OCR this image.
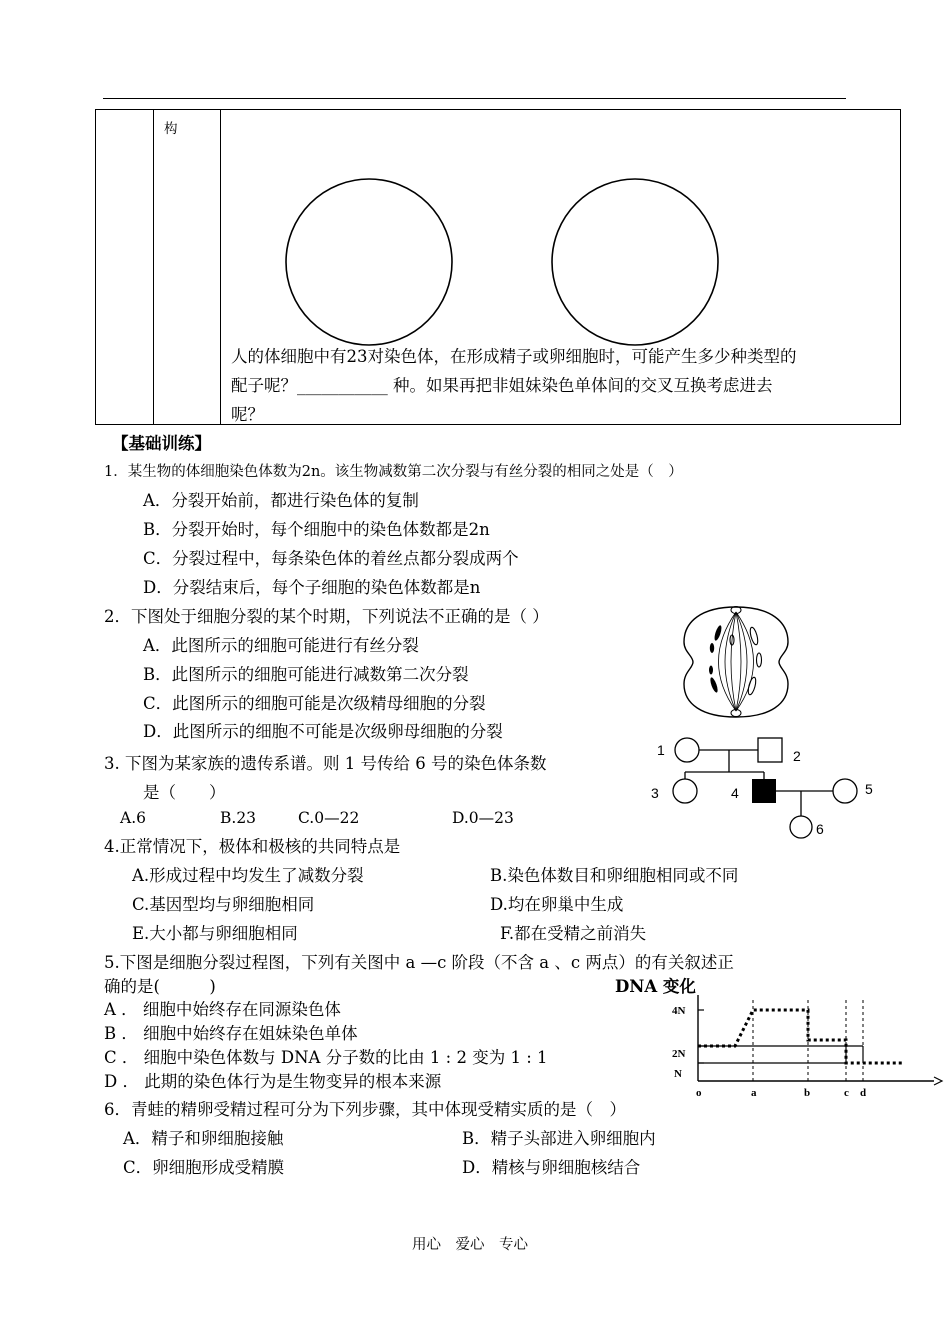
构
人的体细胞中有23对染色体，在形成精子或卵细胞时，可能产生多少种类型的
配子呢？___________ 种。如果再把非姐妹染色单体间的交叉互换考虑进去
呢？
【基础训练】
1．某生物的体细胞染色体数为2n。该生物减数第二次分裂与有丝分裂的相同之处是（　）
A．分裂开始前，都进行染色体的复制
B．分裂开始时，每个细胞中的染色体数都是2n
C．分裂过程中，每条染色体的着丝点都分裂成两个
D．分裂结束后，每个子细胞的染色体数都是n
2．下图处于细胞分裂的某个时期，下列说法不正确的是（ ）
A．此图所示的细胞可能进行有丝分裂
B．此图所示的细胞可能进行减数第二次分裂
C．此图所示的细胞可能是次级精母细胞的分裂
D．此图所示的细胞不可能是次级卵母细胞的分裂
3. 下图为某家族的遗传系谱。则 1 号传给 6 号的染色体条数
是（　　）
A.6	B.23	C.0—22	D.0—23
1	2
3	4	5
6
4.正常情况下，极体和极核的共同特点是
A.形成过程中均发生了减数分裂	B.染色体数目和卵细胞相同或不同
C.基因型均与卵细胞相同	D.均在卵巢中生成
E.大小都与卵细胞相同	F.都在受精之前消失
5.下图是细胞分裂过程图，下列有关图中 a —c 阶段（不含 a 、c 两点）的有关叙述正
确的是(　　　)
A ． 细胞中始终存在同源染色体
B ． 细胞中始终存在姐妹染色单体
C ． 细胞中染色体数与 DNA 分子数的比由 1 : 2 变为 1 : 1
D ． 此期的染色体行为是生物变异的根本来源
DNA 变化
4N
2N
N
o	a	b	c d
6．青蛙的精卵受精过程可分为下列步骤，其中体现受精实质的是（　）
A．精子和卵细胞接触	B．精子头部进入卵细胞内
C．卵细胞形成受精膜	D．精核与卵细胞核结合
用心　爱心　专心
